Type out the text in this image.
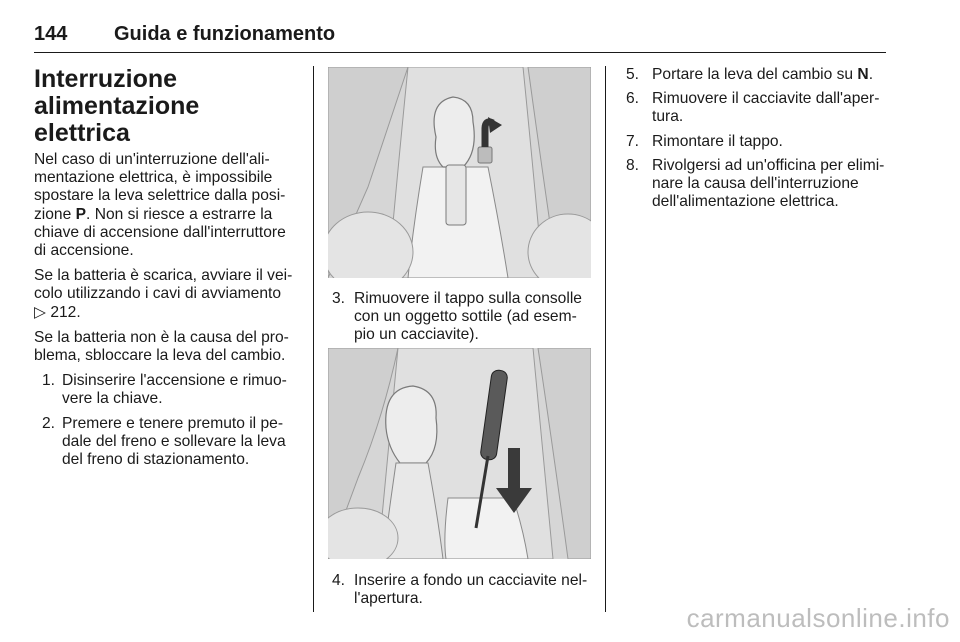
144 Guida e funzionamento
Interruzione alimentazione
elettrica
Nel caso di un'interruzione dell'ali-
mentazione elettrica, è impossibile
spostare la leva selettrice dalla posi-
zione P. Non si riesce a estrarre la
chiave di accensione dall'interruttore
di accensione.
Se la batteria è scarica, avviare il vei-
colo utilizzando i cavi di avviamento
▷ 212.
Se la batteria non è la causa del pro-
blema, sbloccare la leva del cambio.
1. Disinserire l'accensione e rimuo-
vere la chiave.
2. Premere e tenere premuto il pe-
dale del freno e sollevare la leva
del freno di stazionamento.
3. Rimuovere il tappo sulla consolle
con un oggetto sottile (ad esem-
pio un cacciavite).
4. Inserire a fondo un cacciavite nel-
l'apertura.
5. Portare la leva del cambio su N.
6. Rimuovere il cacciavite dall'aper-
tura.
7. Rimontare il tappo.
8. Rivolgersi ad un'officina per elimi-
nare la causa dell'interruzione
dell'alimentazione elettrica.
carmanualsonline.info
